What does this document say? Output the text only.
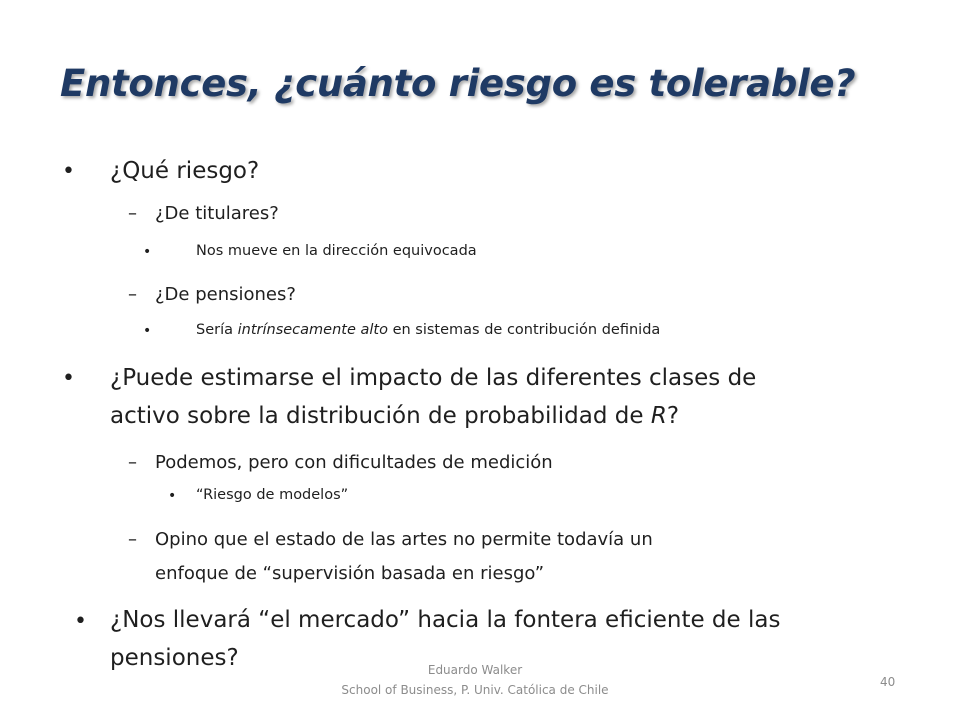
Entonces, ¿cuánto riesgo es tolerable?
• ¿Qué riesgo?
– ¿De titulares?
•	Nos mueve en la dirección equivocada
– ¿De pensiones?
•	Sería intrínsecamente alto en sistemas de contribución definida
• ¿Puede estimarse el impacto de las diferentes clases de
activo sobre la distribución de probabilidad de R?
– Podemos, pero con dificultades de medición
• “Riesgo de modelos”
– Opino que el estado de las artes no permite todavía un
enfoque de “supervisión basada en riesgo”
• ¿Nos llevará “el mercado” hacia la fontera eficiente de las
pensiones?	Eduardo Walker
School of Business, P. Univ. Católica de Chile
40
